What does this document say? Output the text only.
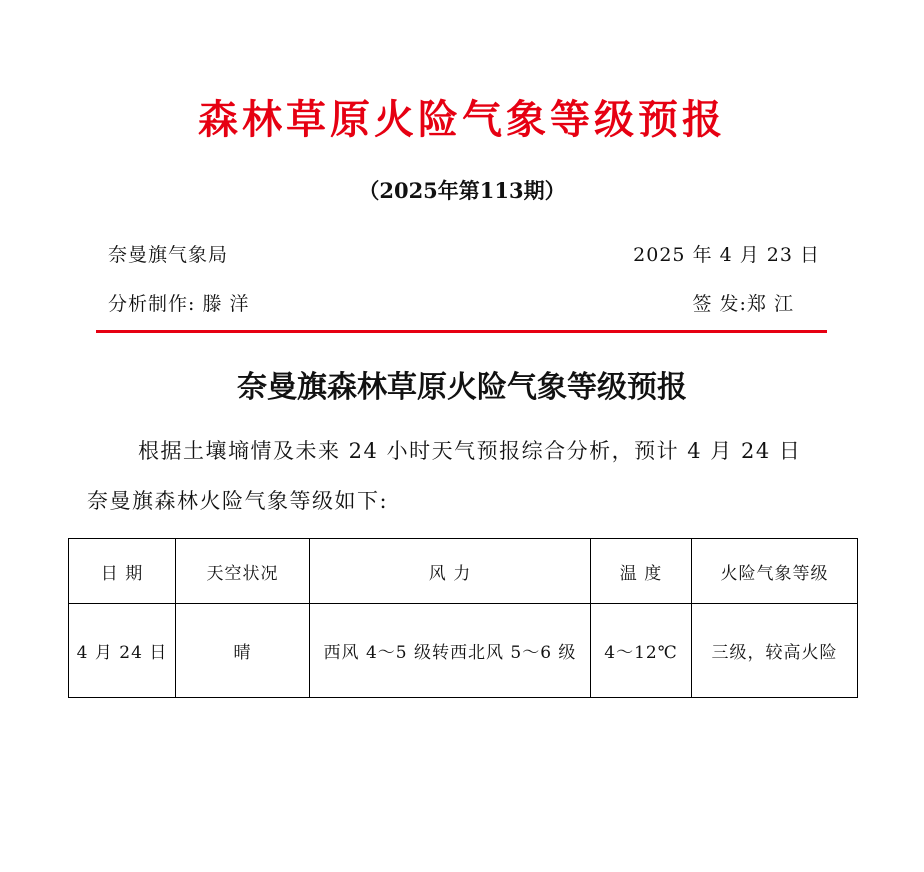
森林草原火险气象等级预报
（2025年第113期）
奈曼旗气象局	2025 年 4 月 23 日
分析制作: 滕 洋	签 发:郑 江
奈曼旗森林草原火险气象等级预报
根据土壤墒情及未来 24 小时天气预报综合分析，预计 4 月 24 日
奈曼旗森林火险气象等级如下:
日 期	天空状况	风 力	温 度	火险气象等级
4 月 24 日	晴	西风 4～5 级转西北风 5～6 级	4～12℃	三级，较高火险
